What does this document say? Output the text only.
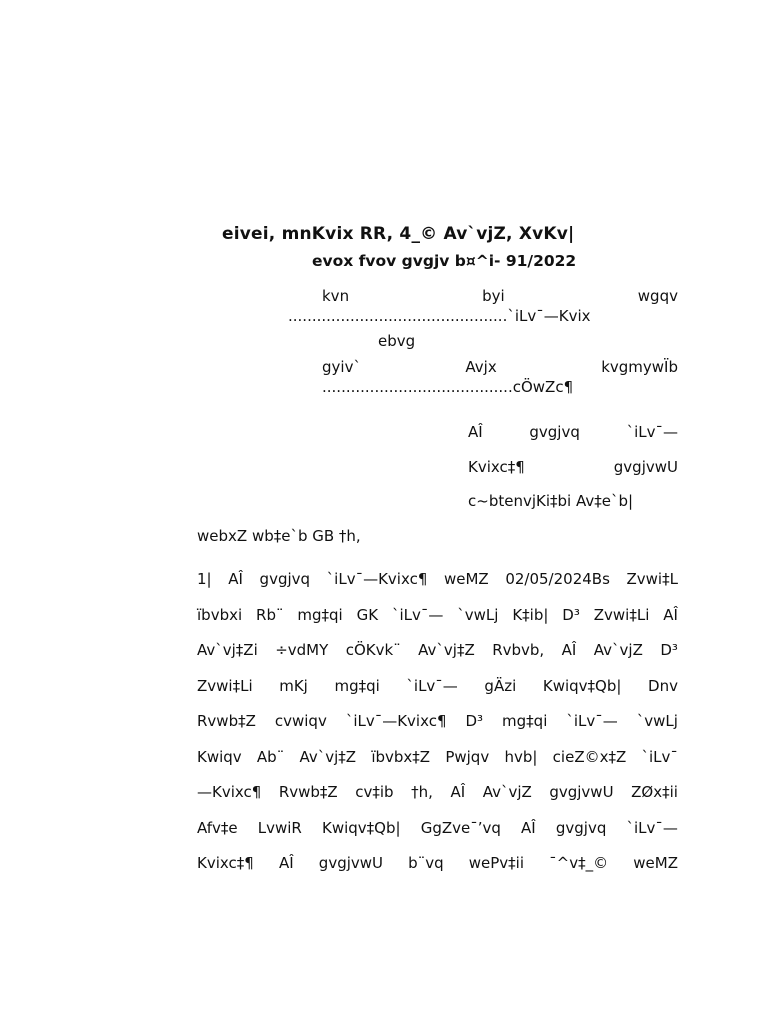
eivei, mnKvix RR, 4_© Av`vjZ, XvKv|
evox fvov gvgjv b¤^i- 91/2022
kvn	byi	wgqv
..............................................`iLv¯—Kvix
ebvg
gyiv`	Avjx	kvgmywÏb
........................................cÖwZc¶
AÎ	gvgjvq	`iLv¯—
Kvixc‡¶	gvgjvwU
c~btenvjKi‡bi Av‡e`b|
webxZ wb‡e`b GB †h,
1| AÎ gvgjvq `iLv¯—Kvixc¶ weMZ 02/05/2024Bs Zvwi‡L
ïbvbxi Rb¨ mg‡qi GK `iLv¯— `vwLj K‡ib| D³ Zvwi‡Li AÎ
Av`vj‡Zi ÷vdMY cÖKvk¨ Av`vj‡Z Rvbvb, AÎ Av`vjZ D³
Zvwi‡Li mKj mg‡qi `iLv¯— gÄzi Kwiqv‡Qb| Dnv
Rvwb‡Z cvwiqv `iLv¯—Kvixc¶ D³ mg‡qi `iLv¯— `vwLj
Kwiqv Ab¨ Av`vj‡Z ïbvbx‡Z Pwjqv hvb| cieZ©x‡Z `iLv¯
—Kvixc¶ Rvwb‡Z cv‡ib †h, AÎ Av`vjZ gvgjvwU ZØx‡ii
Afv‡e LvwiR Kwiqv‡Qb| GgZve¯’vq AÎ gvgjvq `iLv¯—
Kvixc‡¶ AÎ gvgjvwU b¨vq wePv‡ii ¯^v‡_© weMZ
